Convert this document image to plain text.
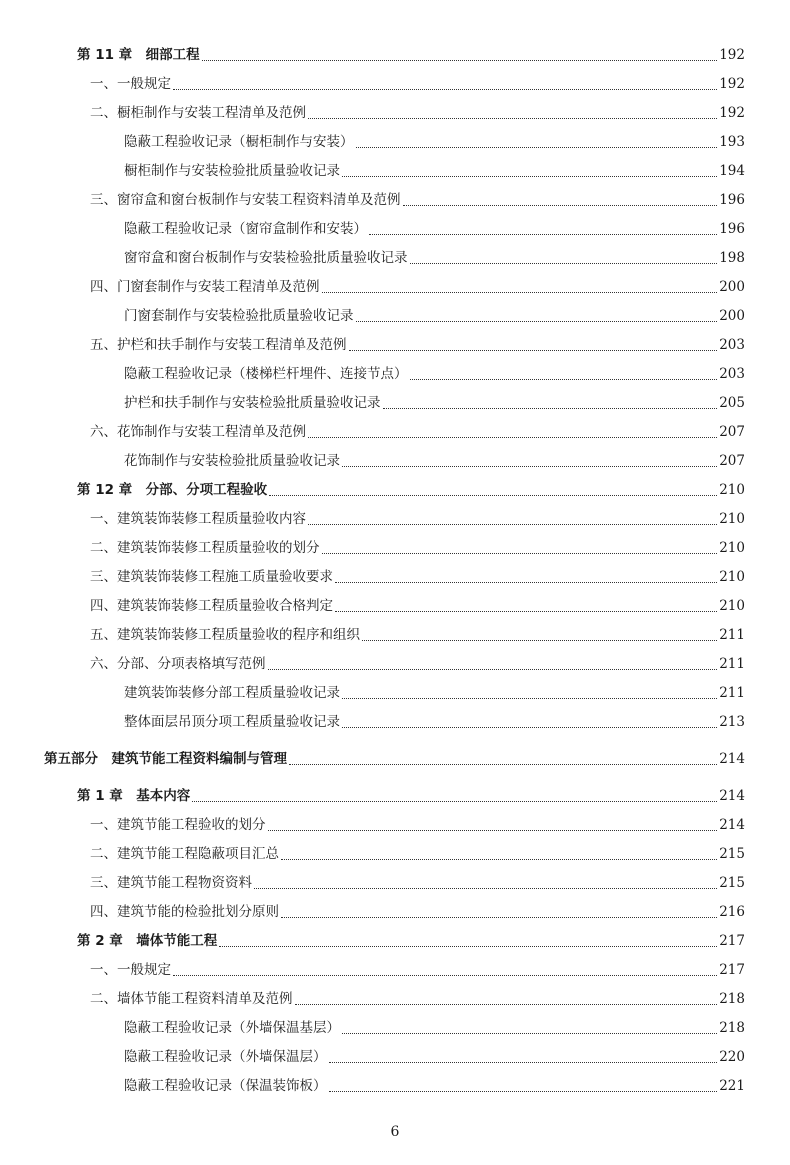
第 11 章　细部工程	192
一、一般规定	192
二、橱柜制作与安装工程清单及范例	192
隐蔽工程验收记录（橱柜制作与安装）	193
橱柜制作与安装检验批质量验收记录	194
三、窗帘盒和窗台板制作与安装工程资料清单及范例	196
隐蔽工程验收记录（窗帘盒制作和安装）	196
窗帘盒和窗台板制作与安装检验批质量验收记录	198
四、门窗套制作与安装工程清单及范例	200
门窗套制作与安装检验批质量验收记录	200
五、护栏和扶手制作与安装工程清单及范例	203
隐蔽工程验收记录（楼梯栏杆埋件、连接节点）	203
护栏和扶手制作与安装检验批质量验收记录	205
六、花饰制作与安装工程清单及范例	207
花饰制作与安装检验批质量验收记录	207
第 12 章　分部、分项工程验收	210
一、建筑装饰装修工程质量验收内容	210
二、建筑装饰装修工程质量验收的划分	210
三、建筑装饰装修工程施工质量验收要求	210
四、建筑装饰装修工程质量验收合格判定	210
五、建筑装饰装修工程质量验收的程序和组织	211
六、分部、分项表格填写范例	211
建筑装饰装修分部工程质量验收记录	211
整体面层吊顶分项工程质量验收记录	213
第五部分　建筑节能工程资料编制与管理	214
第 1 章　基本内容	214
一、建筑节能工程验收的划分	214
二、建筑节能工程隐蔽项目汇总	215
三、建筑节能工程物资资料	215
四、建筑节能的检验批划分原则	216
第 2 章　墙体节能工程	217
一、一般规定	217
二、墙体节能工程资料清单及范例	218
隐蔽工程验收记录（外墙保温基层）	218
隐蔽工程验收记录（外墙保温层）	220
隐蔽工程验收记录（保温装饰板）	221
6
